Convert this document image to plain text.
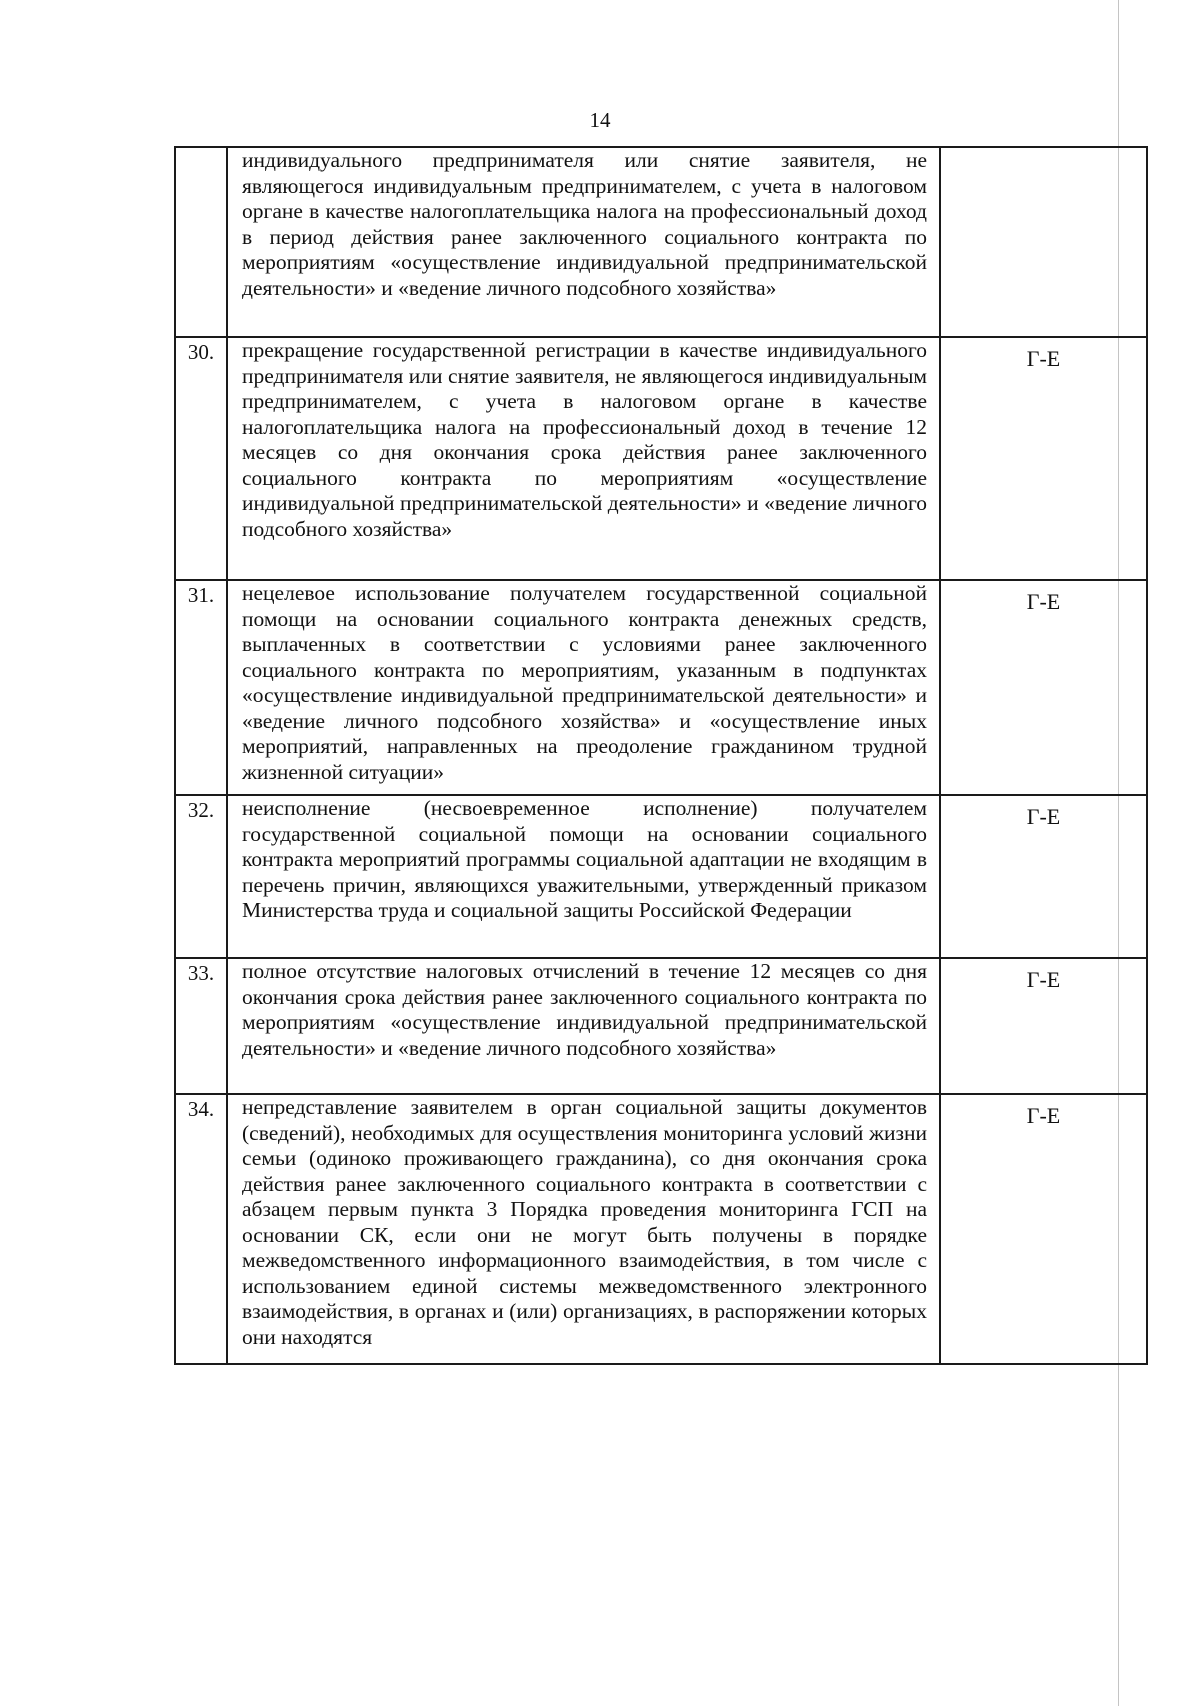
14
	индивидуального предпринимателя или снятие заявителя, не являющегося индивидуальным предпринимателем, с учета в налоговом органе в качестве налогоплательщика налога на профессиональный доход в период действия ранее заключенного социального контракта по мероприятиям «осуществление индивидуальной предпринимательской деятельности» и «ведение личного подсобного хозяйства»	
30.	прекращение государственной регистрации в качестве индивидуального предпринимателя или снятие заявителя, не являющегося индивидуальным предпринимателем, с учета в налоговом органе в качестве налогоплательщика налога на профессиональный доход в течение 12 месяцев со дня окончания срока действия ранее заключенного социального контракта по мероприятиям «осуществление индивидуальной предпринимательской деятельности» и «ведение личного подсобного хозяйства»	Г-Е
31.	нецелевое использование получателем государственной социальной помощи на основании социального контракта денежных средств, выплаченных в соответствии с условиями ранее заключенного социального контракта по мероприятиям, указанным в подпунктах «осуществление индивидуальной предпринимательской деятельности» и «ведение личного подсобного хозяйства» и «осуществление иных мероприятий, направленных на преодоление гражданином трудной жизненной ситуации»	Г-Е
32.	неисполнение (несвоевременное исполнение) получателем государственной социальной помощи на основании социального контракта мероприятий программы социальной адаптации не входящим в перечень причин, являющихся уважительными, утвержденный приказом Министерства труда и социальной защиты Российской Федерации	Г-Е
33.	полное отсутствие налоговых отчислений в течение 12 месяцев со дня окончания срока действия ранее заключенного социального контракта по мероприятиям «осуществление индивидуальной предпринимательской деятельности» и «ведение личного подсобного хозяйства»	Г-Е
34.	непредставление заявителем в орган социальной защиты документов (сведений), необходимых для осуществления мониторинга условий жизни семьи (одиноко проживающего гражданина), со дня окончания срока действия ранее заключенного социального контракта в соответствии с абзацем первым пункта 3 Порядка проведения мониторинга ГСП на основании СК, если они не могут быть получены в порядке межведомственного информационного взаимодействия, в том числе с использованием единой системы межведомственного электронного взаимодействия, в органах и (или) организациях, в распоряжении которых они находятся	Г-Е
